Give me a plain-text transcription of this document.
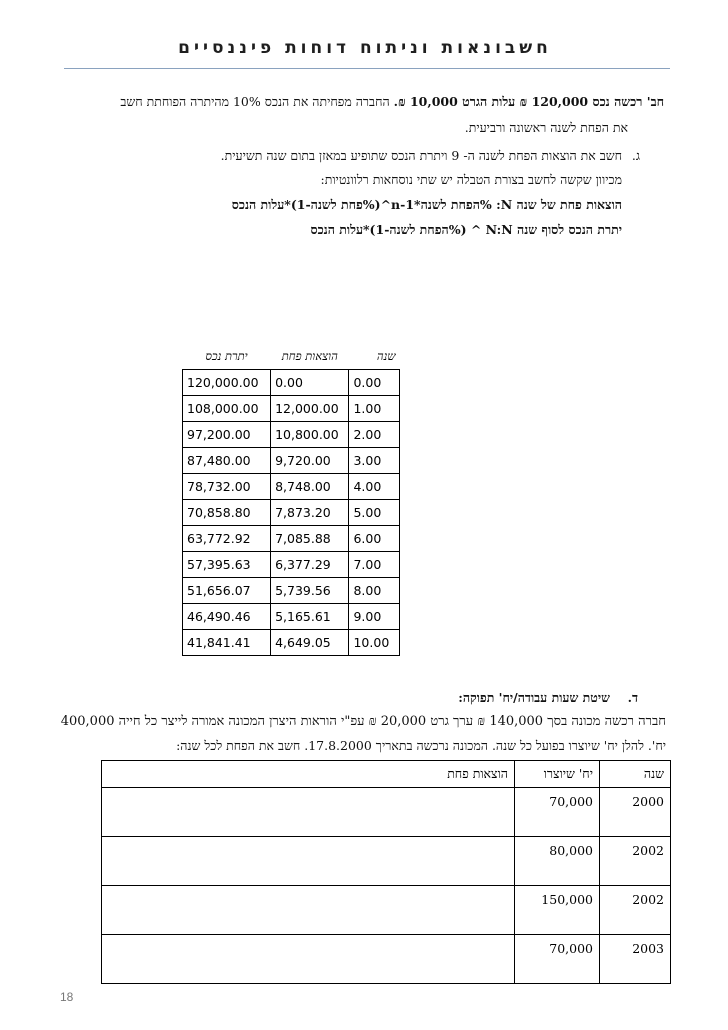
חשבונאות וניתוח דוחות פיננסיים
חב' רכשה נכס 120,000 ₪ עלות הגרט 10,000 ₪. החברה מפחיתה את הנכס 10% מהיתרה הפוחתת חשב
את הפחת לשנה ראשונה ורביעית.
ג.
חשב את הוצאות הפחת לשנה ה- 9 ויתרת הנכס שתופיע במאזן בתום שנה תשיעית.
מכיוון שקשה לחשב בצורת הטבלה יש שתי נוסחאות רלוונטיות:
הוצאות פחת של שנה N: %הפחת לשנה*n-1^(%פחת לשנה-1)*עלות הנכס
יתרת הנכס לסוף שנה N:N ^ (%הפחת לשנה-1)*עלות הנכס
יתרת נכס	הוצאות פחת	שנה
120,000.00	0.00	0.00
108,000.00	12,000.00	1.00
97,200.00	10,800.00	2.00
87,480.00	9,720.00	3.00
78,732.00	8,748.00	4.00
70,858.80	7,873.20	5.00
63,772.92	7,085.88	6.00
57,395.63	6,377.29	7.00
51,656.07	5,739.56	8.00
46,490.46	5,165.61	9.00
41,841.41	4,649.05	10.00
ד.
שיטת שעות עבודה/יח' תפוקה:
חברה רכשה מכונה בסך 140,000 ₪ ערך גרט 20,000 ₪ עפ"י הוראות היצרן המכונה אמורה לייצר כל חייה 400,000
יח'. להלן יח' שיוצרו בפועל כל שנה. המכונה נרכשה בתאריך 17.8.2000. חשב את הפחת לכל שנה:
שנה	יח' שיוצרו	הוצאות פחת
2000	70,000	
2002	80,000	
2002	150,000	
2003	70,000	
18
